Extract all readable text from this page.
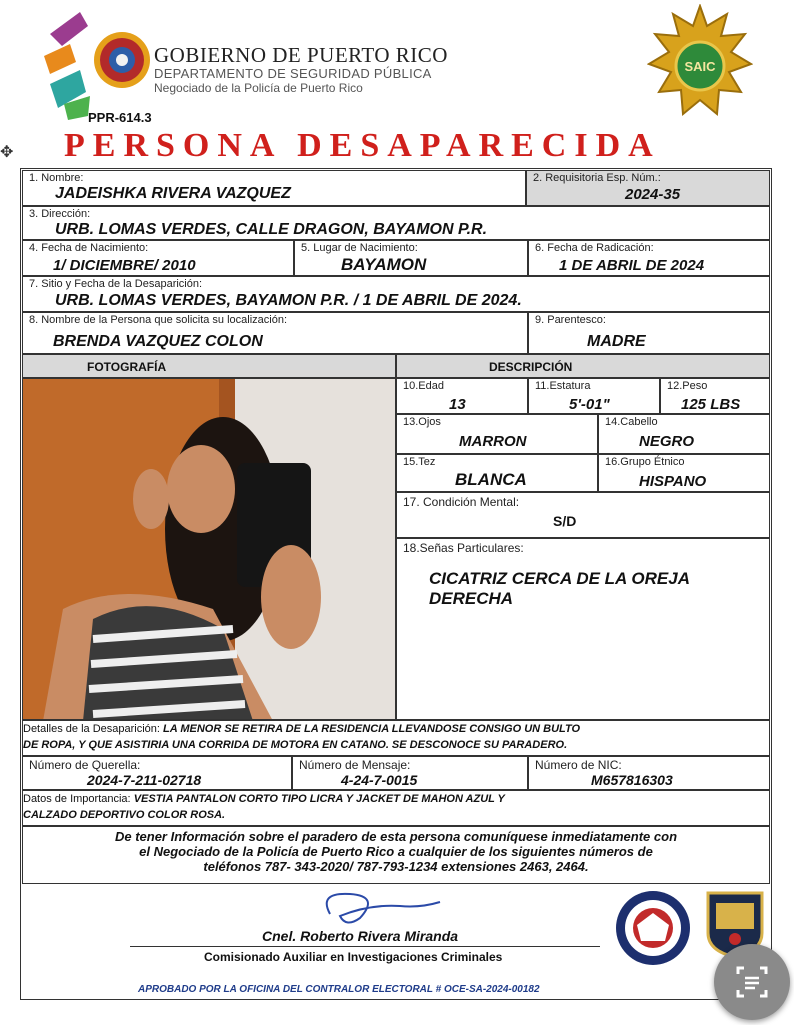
GOBIERNO DE PUERTO RICO
DEPARTAMENTO DE SEGURIDAD PÚBLICA
Negociado de la Policía de Puerto Rico
PPR-614.3
SAIC
✥ PERSONA DESAPARECIDA
1. Nombre:
JADEISHKA RIVERA VAZQUEZ
2. Requisitoria Esp. Núm.:
2024-35
3. Dirección:
URB. LOMAS VERDES, CALLE DRAGON, BAYAMON P.R.
4. Fecha de Nacimiento:
1/ DICIEMBRE/ 2010
5. Lugar de Nacimiento:
BAYAMON
6. Fecha de Radicación:
1 DE ABRIL DE 2024
7. Sitio y Fecha de la Desaparición:
URB. LOMAS VERDES, BAYAMON P.R. / 1 DE ABRIL DE 2024.
8. Nombre de la Persona que solicita su localización:
BRENDA VAZQUEZ COLON
9. Parentesco:
MADRE
FOTOGRAFÍA	DESCRIPCIÓN
10.Edad
13
11.Estatura
5'-01"
12.Peso
125 LBS
13.Ojos
MARRON
14.Cabello
NEGRO
15.Tez
BLANCA
16.Grupo Étnico
HISPANO
17. Condición Mental:
S/D
18.Señas Particulares:
CICATRIZ CERCA DE LA OREJA
DERECHA
Detalles de la Desaparición: LA MENOR SE RETIRA DE LA RESIDENCIA LLEVANDOSE CONSIGO UN BULTO
DE ROPA, Y QUE ASISTIRIA UNA CORRIDA DE MOTORA EN CATANO. SE DESCONOCE SU PARADERO.
Número de Querella:
2024-7-211-02718
Número de Mensaje:
4-24-7-0015
Número de NIC:
M657816303
Datos de Importancia: VESTIA PANTALON CORTO TIPO LICRA Y JACKET DE MAHON AZUL Y
CALZADO DEPORTIVO COLOR ROSA.
De tener Información sobre el paradero de esta persona comuníquese inmediatamente con
el Negociado de la Policía de Puerto Rico a cualquier de los siguientes números de
teléfonos 787- 343-2020/ 787-793-1234 extensiones 2463, 2464.
Cnel. Roberto Rivera Miranda
Comisionado Auxiliar en Investigaciones Criminales
APROBADO POR LA OFICINA DEL CONTRALOR ELECTORAL # OCE-SA-2024-00182
